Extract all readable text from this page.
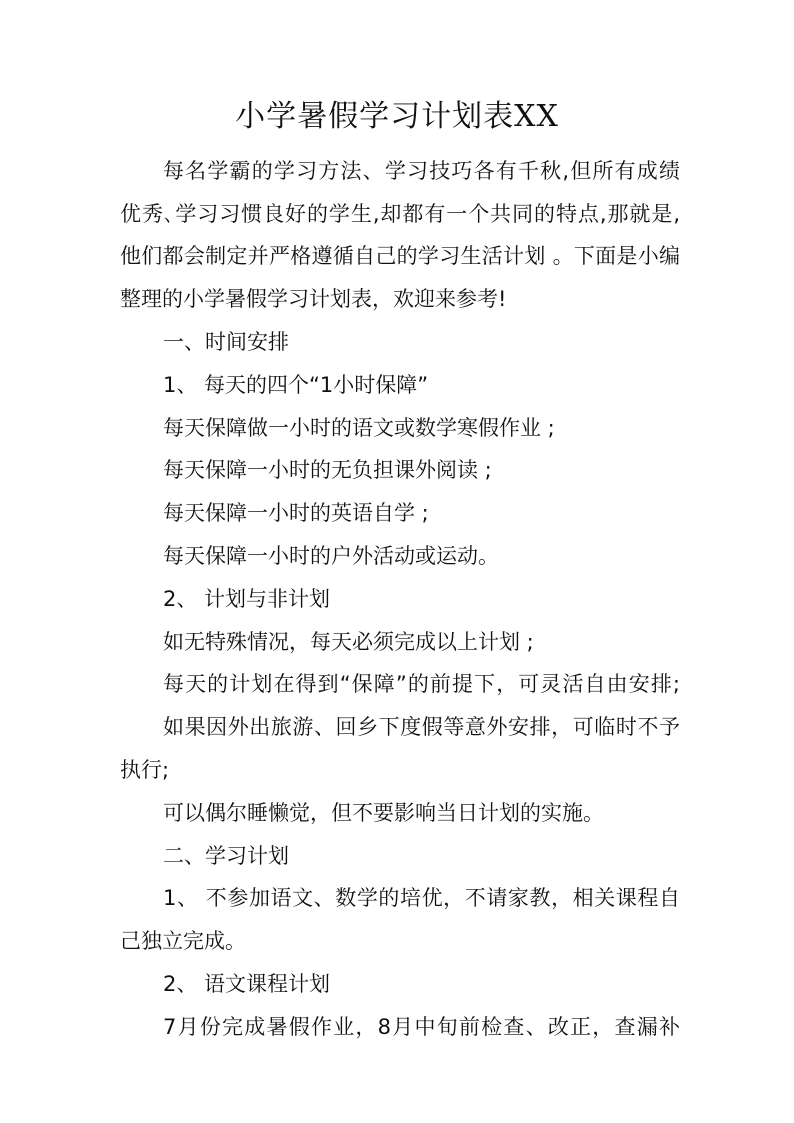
小学暑假学习计划表XX
每名学霸的学习方法、学习技巧各有千秋,但所有成绩
优秀､学习习惯良好的学生,却都有一个共同的特点,那就是,
他们都会制定并严格遵循自己的学习生活计划 。下面是小编
整理的小学暑假学习计划表，欢迎来参考!
一、时间安排
1、 每天的四个“1小时保障”
每天保障做一小时的语文或数学寒假作业 ;
每天保障一小时的无负担课外阅读 ;
每天保障一小时的英语自学 ;
每天保障一小时的户外活动或运动。
2、 计划与非计划
如无特殊情况，每天必须完成以上计划 ;
每天的计划在得到“保障”的前提下，可灵活自由安排;
如果因外出旅游、回乡下度假等意外安排，可临时不予
执行;
可以偶尔睡懒觉，但不要影响当日计划的实施。
二、学习计划
1、 不参加语文、数学的培优，不请家教，相关课程自
己独立完成。
2、 语文课程计划
7月份完成暑假作业，8月中旬前检查、改正，查漏补
